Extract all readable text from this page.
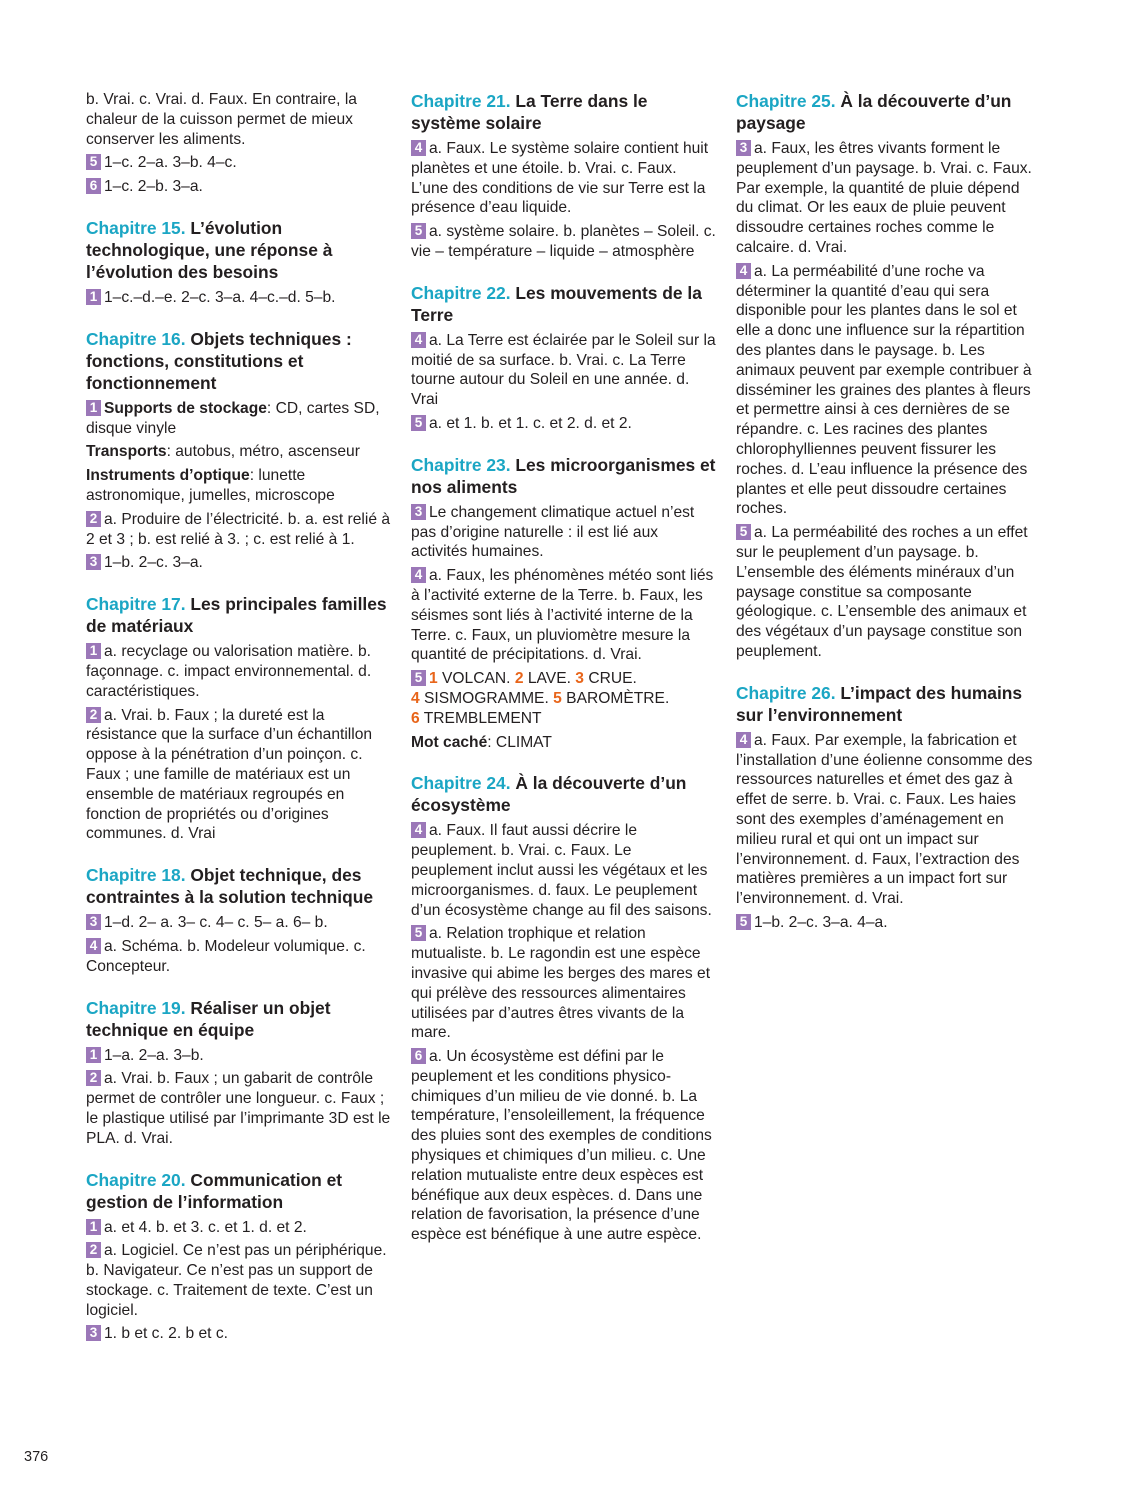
b. Vrai. c. Vrai. d. Faux. En contraire, la chaleur de la cuisson permet de mieux conserver les aliments.

5 1–c. 2–a. 3–b. 4–c.

6 1–c. 2–b. 3–a.

Chapitre 15. L’évolution technologique, une réponse à l’évolution des besoins

1 1–c.–d.–e. 2–c. 3–a. 4–c.–d. 5–b.

Chapitre 16. Objets techniques : fonctions, constitutions et fonctionnement

1 Supports de stockage: CD, cartes SD, disque vinyle

Transports: autobus, métro, ascenseur

Instruments d’optique: lunette astronomique, jumelles, microscope

2 a. Produire de l’électricité. b. a. est relié à 2 et 3 ; b. est relié à 3. ; c. est relié à 1.

3 1–b. 2–c. 3–a.

Chapitre 17. Les principales familles de matériaux

1 a. recyclage ou valorisation matière. b. façonnage. c. impact environnemental. d. caractéristiques.

2 a. Vrai. b. Faux ; la dureté est la résistance que la surface d’un échantillon oppose à la pénétration d’un poinçon. c. Faux ; une famille de matériaux est un ensemble de matériaux regroupés en fonction de propriétés ou d’origines communes. d. Vrai

Chapitre 18. Objet technique, des contraintes à la solution technique

3 1–d. 2– a. 3– c. 4– c. 5– a. 6– b.

4 a. Schéma. b. Modeleur volumique. c. Concepteur.

Chapitre 19. Réaliser un objet technique en équipe

1 1–a. 2–a. 3–b.

2 a. Vrai. b. Faux ; un gabarit de contrôle permet de contrôler une longueur. c. Faux ; le plastique utilisé par l’imprimante 3D est le PLA. d. Vrai.

Chapitre 20. Communication et gestion de l’information

1 a. et 4. b. et 3. c. et 1. d. et 2.

2 a. Logiciel. Ce n’est pas un périphérique. b. Navigateur. Ce n’est pas un support de stockage. c. Traitement de texte. C’est un logiciel.

3 1. b et c. 2. b et c.

Chapitre 21. La Terre dans le système solaire

4 a. Faux. Le système solaire contient huit planètes et une étoile. b. Vrai. c. Faux. L’une des conditions de vie sur Terre est la présence d’eau liquide.

5 a. système solaire. b. planètes – Soleil. c. vie – température – liquide – atmosphère

Chapitre 22. Les mouvements de la Terre

4 a. La Terre est éclairée par le Soleil sur la moitié de sa surface. b. Vrai. c. La Terre tourne autour du Soleil en une année. d. Vrai

5 a. et 1. b. et 1. c. et 2. d. et 2.

Chapitre 23. Les microorganismes et nos aliments

3 Le changement climatique actuel n’est pas d’origine naturelle : il est lié aux activités humaines.

4 a. Faux, les phénomènes météo sont liés à l’activité externe de la Terre. b. Faux, les séismes sont liés à l’activité interne de la Terre. c. Faux, un pluviomètre mesure la quantité de précipitations. d. Vrai.

5 1 VOLCAN. 2 LAVE. 3 CRUE.
4 SISMOGRAMME. 5 BAROMÈTRE.
6 TREMBLEMENT

Mot caché: CLIMAT

Chapitre 24. À la découverte d’un écosystème

4 a. Faux. Il faut aussi décrire le peuplement. b. Vrai. c. Faux. Le peuplement inclut aussi les végétaux et les microorganismes. d. faux. Le peuplement d’un écosystème change au fil des saisons.

5 a. Relation trophique et relation mutualiste. b. Le ragondin est une espèce invasive qui abime les berges des mares et qui prélève des ressources alimentaires utilisées par d’autres êtres vivants de la mare.

6 a. Un écosystème est défini par le peuplement et les conditions physico-chimiques d’un milieu de vie donné. b. La température, l’ensoleillement, la fréquence des pluies sont des exemples de conditions physiques et chimiques d’un milieu. c. Une relation mutualiste entre deux espèces est bénéfique aux deux espèces. d. Dans une relation de favorisation, la présence d’une espèce est bénéfique à une autre espèce.

Chapitre 25. À la découverte d’un paysage

3 a. Faux, les êtres vivants forment le peuplement d’un paysage. b. Vrai. c. Faux. Par exemple, la quantité de pluie dépend du climat. Or les eaux de pluie peuvent dissoudre certaines roches comme le calcaire. d. Vrai.

4 a. La perméabilité d’une roche va déterminer la quantité d’eau qui sera disponible pour les plantes dans le sol et elle a donc une influence sur la répartition des plantes dans le paysage. b. Les animaux peuvent par exemple contribuer à disséminer les graines des plantes à fleurs et permettre ainsi à ces dernières de se répandre. c. Les racines des plantes chlorophylliennes peuvent fissurer les roches. d. L’eau influence la présence des plantes et elle peut dissoudre certaines roches.

5 a. La perméabilité des roches a un effet sur le peuplement d’un paysage. b. L’ensemble des éléments minéraux d’un paysage constitue sa composante géologique. c. L’ensemble des animaux et des végétaux d’un paysage constitue son peuplement.

Chapitre 26. L’impact des humains sur l’environnement

4 a. Faux. Par exemple, la fabrication et l’installation d’une éolienne consomme des ressources naturelles et émet des gaz à effet de serre. b. Vrai. c. Faux. Les haies sont des exemples d’aménagement en milieu rural et qui ont un impact sur l’environnement. d. Faux, l’extraction des matières premières a un impact fort sur l’environnement. d. Vrai.

5 1–b. 2–c. 3–a. 4–a.

376
